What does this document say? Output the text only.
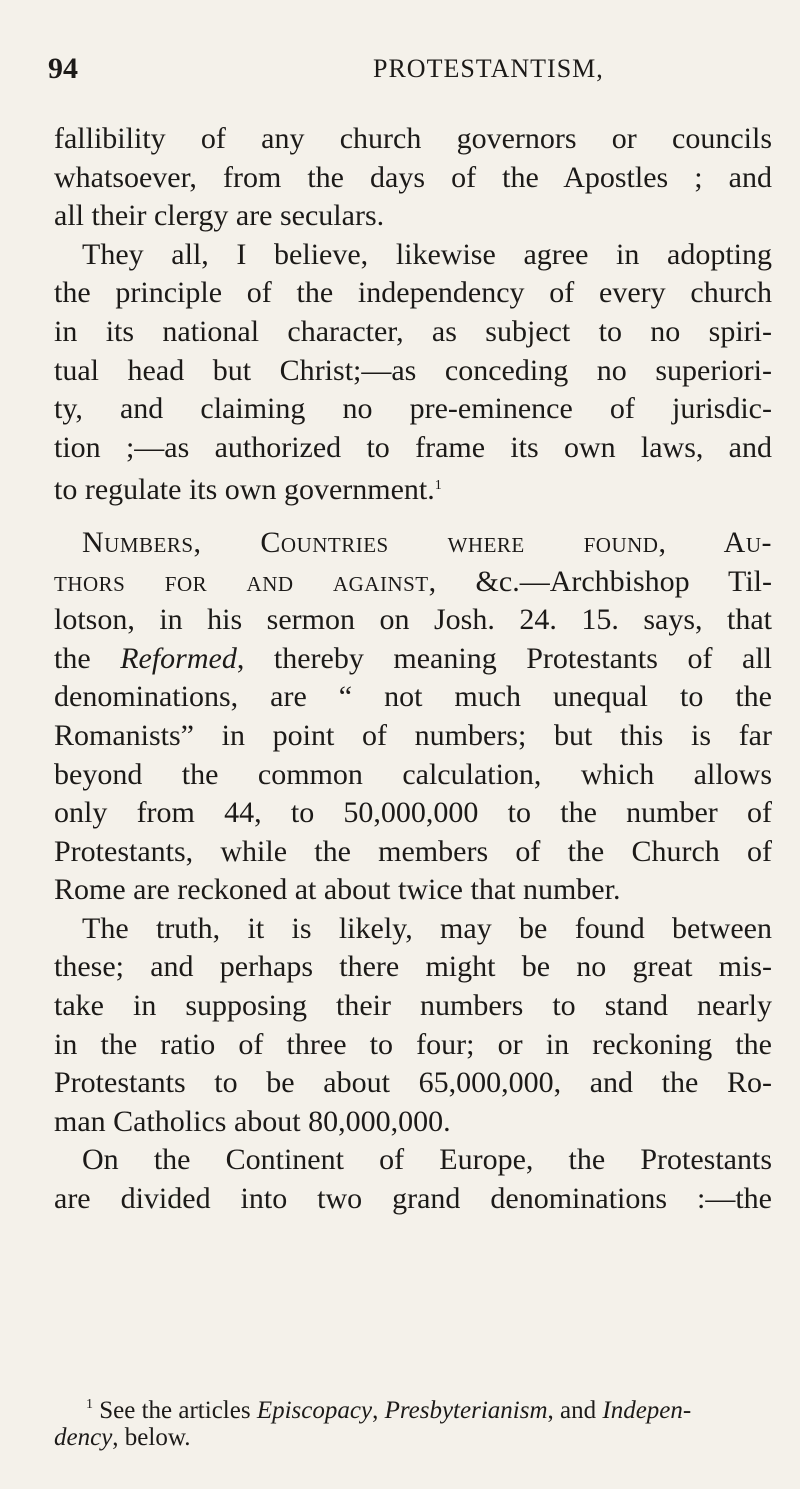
94	PROTESTANTISM,
fallibility of any church governors or councils
whatsoever, from the days of the Apostles ; and
all their clergy are seculars.
They all, I believe, likewise agree in adopting
the principle of the independency of every church
in its national character, as subject to no spiri-
tual head but Christ;—as conceding no superiori-
ty, and claiming no pre-eminence of jurisdic-
tion ;—as authorized to frame its own laws, and
to regulate its own government.$^1$
Numbers, Countries where found, Au-
thors for and against, &c.—Archbishop Til-
lotson, in his sermon on Josh. 24. 15. says, that
the Reformed, thereby meaning Protestants of all
denominations, are “ not much unequal to the
Romanists” in point of numbers; but this is far
beyond the common calculation, which allows
only from 44, to 50,000,000 to the number of
Protestants, while the members of the Church of
Rome are reckoned at about twice that number.
The truth, it is likely, may be found between
these; and perhaps there might be no great mis-
take in supposing their numbers to stand nearly
in the ratio of three to four; or in reckoning the
Protestants to be about 65,000,000, and the Ro-
man Catholics about 80,000,000.
On the Continent of Europe, the Protestants
are divided into two grand denominations :—the
$^1$ See the articles Episcopacy, Presbyterianism, and Indepen-
dency, below.
